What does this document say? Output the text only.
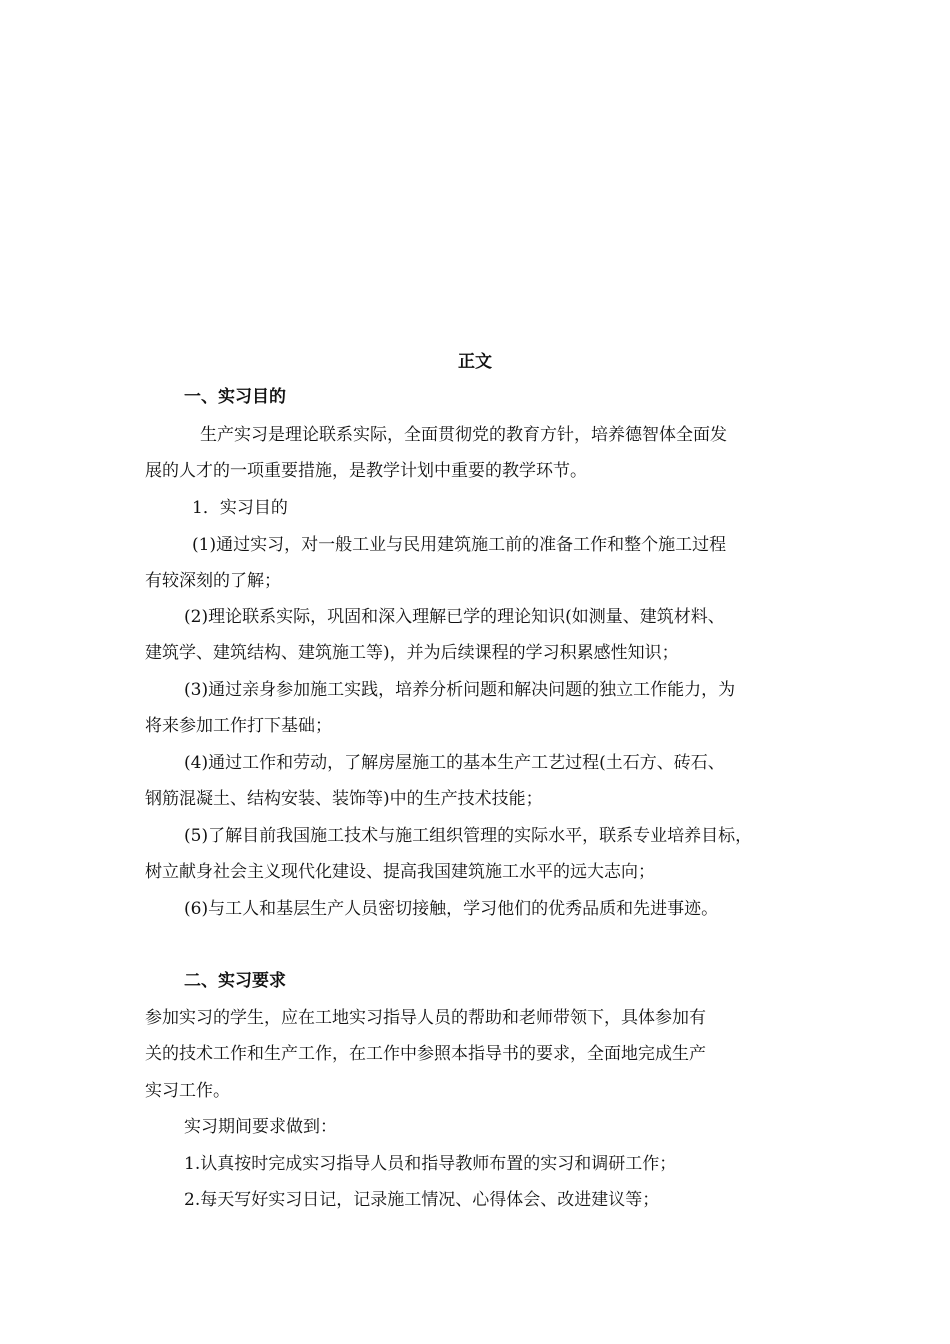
正文

一、实习目的

生产实习是理论联系实际，全面贯彻党的教育方针，培养德智体全面发

展的人才的一项重要措施，是教学计划中重要的教学环节。

1．实习目的

(1)通过实习，对一般工业与民用建筑施工前的准备工作和整个施工过程

有较深刻的了解；

(2)理论联系实际，巩固和深入理解已学的理论知识(如测量、建筑材料、

建筑学、建筑结构、建筑施工等)，并为后续课程的学习积累感性知识；

(3)通过亲身参加施工实践，培养分析问题和解决问题的独立工作能力，为

将来参加工作打下基础；

(4)通过工作和劳动，了解房屋施工的基本生产工艺过程(土石方、砖石、

钢筋混凝土、结构安装、装饰等)中的生产技术技能；

(5)了解目前我国施工技术与施工组织管理的实际水平，联系专业培养目标，

树立献身社会主义现代化建设、提高我国建筑施工水平的远大志向；

(6)与工人和基层生产人员密切接触，学习他们的优秀品质和先进事迹。

二、实习要求

参加实习的学生，应在工地实习指导人员的帮助和老师带领下，具体参加有

关的技术工作和生产工作，在工作中参照本指导书的要求，全面地完成生产

实习工作。

实习期间要求做到：

1.认真按时完成实习指导人员和指导教师布置的实习和调研工作；

2.每天写好实习日记，记录施工情况、心得体会、改进建议等；
